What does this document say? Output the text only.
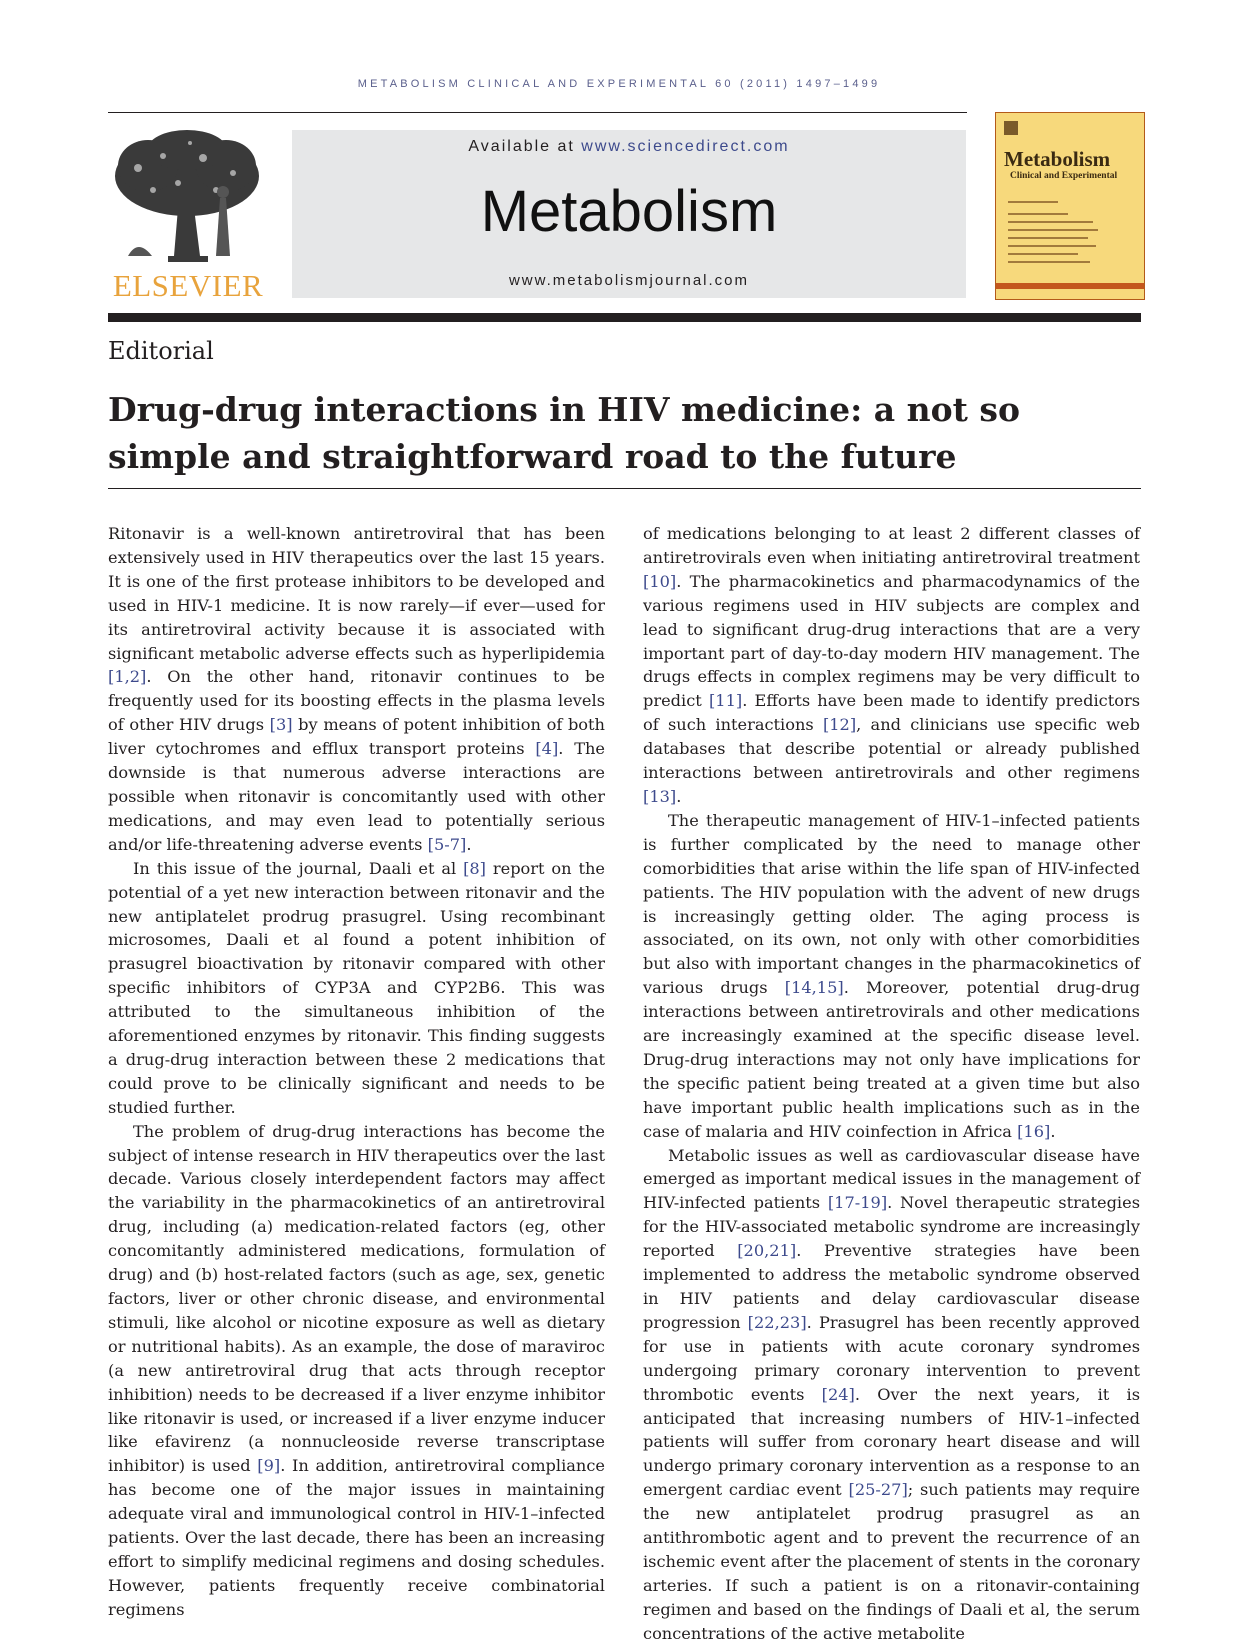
METABOLISM CLINICAL AND EXPERIMENTAL 60 (2011) 1497–1499
ELSEVIER
Available at www.sciencedirect.com
Metabolism
www.metabolismjournal.com
Metabolism
Clinical and Experimental
Editorial
Drug-drug interactions in HIV medicine: a not so simple and straightforward road to the future

Ritonavir is a well-known antiretroviral that has been extensively used in HIV therapeutics over the last 15 years. It is one of the first protease inhibitors to be developed and used in HIV-1 medicine. It is now rarely—if ever—used for its antiretroviral activity because it is associated with significant metabolic adverse effects such as hyperlipidemia [1,2]. On the other hand, ritonavir continues to be frequently used for its boosting effects in the plasma levels of other HIV drugs [3] by means of potent inhibition of both liver cytochromes and efflux transport proteins [4]. The downside is that numerous adverse interactions are possible when ritonavir is concomitantly used with other medications, and may even lead to potentially serious and/or life-threatening adverse events [5-7].

In this issue of the journal, Daali et al [8] report on the potential of a yet new interaction between ritonavir and the new antiplatelet prodrug prasugrel. Using recombinant microsomes, Daali et al found a potent inhibition of prasugrel bioactivation by ritonavir compared with other specific inhibitors of CYP3A and CYP2B6. This was attributed to the simultaneous inhibition of the aforementioned enzymes by ritonavir. This finding suggests a drug-drug interaction between these 2 medications that could prove to be clinically significant and needs to be studied further.

The problem of drug-drug interactions has become the subject of intense research in HIV therapeutics over the last decade. Various closely interdependent factors may affect the variability in the pharmacokinetics of an antiretroviral drug, including (a) medication-related factors (eg, other concomitantly administered medications, formulation of drug) and (b) host-related factors (such as age, sex, genetic factors, liver or other chronic disease, and environmental stimuli, like alcohol or nicotine exposure as well as dietary or nutritional habits). As an example, the dose of maraviroc (a new antiretroviral drug that acts through receptor inhibition) needs to be decreased if a liver enzyme inhibitor like ritonavir is used, or increased if a liver enzyme inducer like efavirenz (a nonnucleoside reverse transcriptase inhibitor) is used [9]. In addition, antiretroviral compliance has become one of the major issues in maintaining adequate viral and immunological control in HIV-1–infected patients. Over the last decade, there has been an increasing effort to simplify medicinal regimens and dosing schedules. However, patients frequently receive combinatorial regimens

of medications belonging to at least 2 different classes of antiretrovirals even when initiating antiretroviral treatment [10]. The pharmacokinetics and pharmacodynamics of the various regimens used in HIV subjects are complex and lead to significant drug-drug interactions that are a very important part of day-to-day modern HIV management. The drugs effects in complex regimens may be very difficult to predict [11]. Efforts have been made to identify predictors of such interactions [12], and clinicians use specific web databases that describe potential or already published interactions between antiretrovirals and other regimens [13].

The therapeutic management of HIV-1–infected patients is further complicated by the need to manage other comorbidities that arise within the life span of HIV-infected patients. The HIV population with the advent of new drugs is increasingly getting older. The aging process is associated, on its own, not only with other comorbidities but also with important changes in the pharmacokinetics of various drugs [14,15]. Moreover, potential drug-drug interactions between antiretrovirals and other medications are increasingly examined at the specific disease level. Drug-drug interactions may not only have implications for the specific patient being treated at a given time but also have important public health implications such as in the case of malaria and HIV coinfection in Africa [16].

Metabolic issues as well as cardiovascular disease have emerged as important medical issues in the management of HIV-infected patients [17-19]. Novel therapeutic strategies for the HIV-associated metabolic syndrome are increasingly reported [20,21]. Preventive strategies have been implemented to address the metabolic syndrome observed in HIV patients and delay cardiovascular disease progression [22,23]. Prasugrel has been recently approved for use in patients with acute coronary syndromes undergoing primary coronary intervention to prevent thrombotic events [24]. Over the next years, it is anticipated that increasing numbers of HIV-1–infected patients will suffer from coronary heart disease and will undergo primary coronary intervention as a response to an emergent cardiac event [25-27]; such patients may require the new antiplatelet prodrug prasugrel as an antithrombotic agent and to prevent the recurrence of an ischemic event after the placement of stents in the coronary arteries. If such a patient is on a ritonavir-containing regimen and based on the findings of Daali et al, the serum concentrations of the active metabolite
